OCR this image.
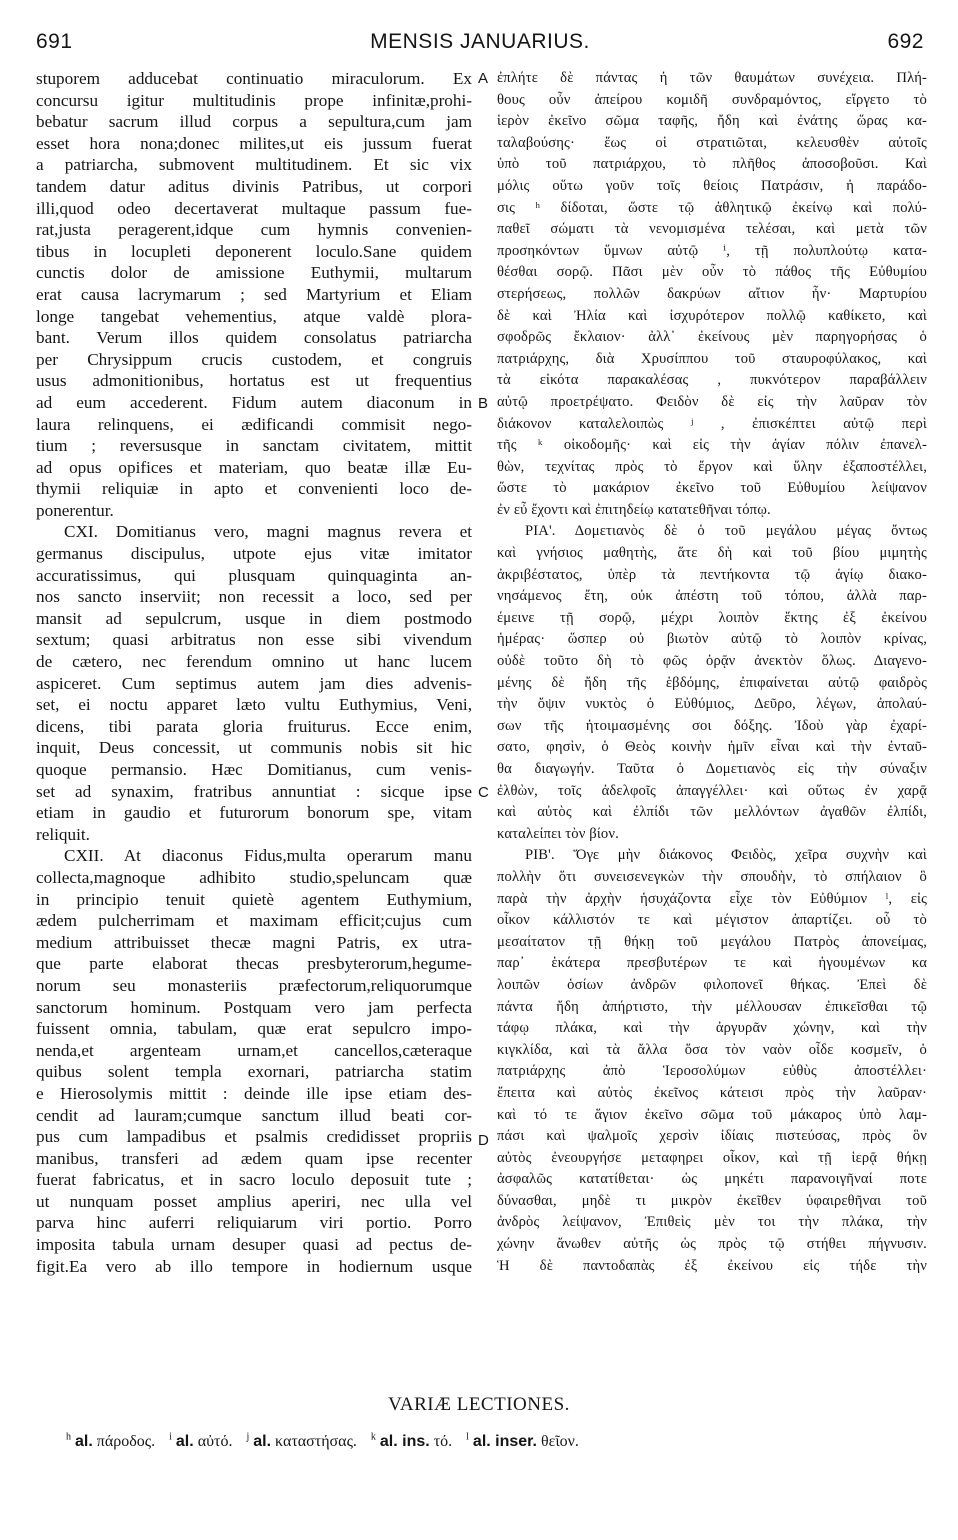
691	MENSIS JANUARIUS.	692
stuporem adducebat continuatio miraculorum. Ex
concursu igitur multitudinis prope infinitæ,prohi-
bebatur sacrum illud corpus a sepultura,cum jam
esset hora nona;donec milites,ut eis jussum fuerat
a patriarcha, submovent multitudinem. Et sic vix
tandem datur aditus divinis Patribus, ut corpori
illi,quod odeo decertaverat multaque passum fue-
rat,justa peragerent,idque cum hymnis convenien-
tibus in locupleti deponerent loculo.Sane quidem
cunctis dolor de amissione Euthymii, multarum
erat causa lacrymarum ; sed Martyrium et Eliam
longe tangebat vehementius, atque valdè plora-
bant. Verum illos quidem consolatus patriarcha
per Chrysippum crucis custodem, et congruis
usus admonitionibus, hortatus est ut frequentius
ad eum accederent. Fidum autem diaconum in
laura relinquens, ei ædificandi commisit nego-
tium ; reversusque in sanctam civitatem, mittit
ad opus opifices et materiam, quo beatæ illæ Eu-
thymii reliquiæ in apto et convenienti loco de-
ponerentur.
CXI. Domitianus vero, magni magnus revera et
germanus discipulus, utpote ejus vitæ imitator
accuratissimus, qui plusquam quinquaginta an-
nos sancto inserviit; non recessit a loco, sed per
mansit ad sepulcrum, usque in diem postmodo
sextum; quasi arbitratus non esse sibi vivendum
de cætero, nec ferendum omnino ut hanc lucem
aspiceret. Cum septimus autem jam dies advenis-
set, ei noctu apparet læto vultu Euthymius, Veni,
dicens, tibi parata gloria fruiturus. Ecce enim,
inquit, Deus concessit, ut communis nobis sit hic
quoque permansio. Hæc Domitianus, cum venis-
set ad synaxim, fratribus annuntiat : sicque ipse
etiam in gaudio et futurorum bonorum spe, vitam
reliquit.
CXII. At diaconus Fidus,multa operarum manu
collecta,magnoque adhibito studio,speluncam quæ
in principio tenuit quietè agentem Euthymium,
ædem pulcherrimam et maximam efficit;cujus cum
medium attribuisset thecæ magni Patris, ex utra-
que parte elaborat thecas presbyterorum,hegume-
norum seu monasteriis præfectorum,reliquorumque
sanctorum hominum. Postquam vero jam perfecta
fuissent omnia, tabulam, quæ erat sepulcro impo-
nenda,et argenteam urnam,et cancellos,cæteraque
quibus solent templa exornari, patriarcha statim
e Hierosolymis mittit : deinde ille ipse etiam des-
cendit ad lauram;cumque sanctum illud beati cor-
pus cum lampadibus et psalmis credidisset propriis
manibus, transferi ad ædem quam ipse recenter
fuerat fabricatus, et in sacro loculo deposuit tute ;
ut nunquam posset amplius aperiri, nec ulla vel
parva hinc auferri reliquiarum viri portio. Porro
imposita tabula urnam desuper quasi ad pectus de-
figit.Ea vero ab illo tempore in hodiernum usque
ἐπλήτε δὲ πάντας ἡ τῶν θαυμάτων συνέχεια. Πλή-
θους οὖν ἀπείρου κομιδῆ συνδραμόντος, εἴργετο τὸ
ἱερὸν ἐκεῖνο σῶμα ταφῆς, ἤδη καὶ ἐνάτης ὥρας κα-
ταλαβούσης· ἕως οἱ στρατιῶται, κελευσθὲν αὐτοῖς
ὑπὸ τοῦ πατριάρχου, τὸ πλῆθος ἀποσοβοῦσι. Καὶ
μόλις οὕτω γοῦν τοῖς θείοις Πατράσιν, ἡ παράδο-
σις ʰ δίδοται, ὥστε τῷ ἀθλητικῷ ἐκείνῳ καὶ πολύ-
παθεῖ σώματι τὰ νενομισμένα τελέσαι, καὶ μετὰ τῶν
προσηκόντων ὕμνων αὐτῷ ⁱ, τῇ πολυπλούτῳ κατα-
θέσθαι σορῷ. Πᾶσι μὲν οὖν τὸ πάθος τῆς Εὐθυμίου
στερήσεως, πολλῶν δακρύων αἴτιον ἦν· Μαρτυρίου
δὲ καὶ Ἠλία καὶ ἰσχυρότερον πολλῷ καθίκετο, καὶ
σφοδρῶς ἔκλαιον· ἀλλ᾽ ἐκείνους μὲν παρηγορήσας ὁ
πατριάρχης, διὰ Χρυσίππου τοῦ σταυροφύλακος, καὶ
τὰ εἰκότα παρακαλέσας , πυκνότερον παραβάλλειν
αὐτῷ προετρέψατο. Φειδὸν δὲ εἰς τὴν λαῦραν τὸν
διάκονον καταλελοιπὼς ʲ , ἐπισκέπτει αὐτῷ περὶ
τῆς ᵏ οἰκοδομῆς· καὶ εἰς τὴν ἁγίαν πόλιν ἐπανελ-
θὼν, τεχνίτας πρὸς τὸ ἔργον καὶ ὕλην ἐξαποστέλλει,
ὥστε τὸ μακάριον ἐκεῖνο τοῦ Εὐθυμίου λείψανον
ἐν εὖ ἔχοντι καὶ ἐπιτηδείῳ κατατεθῆναι τόπῳ.
ΡΙΑ'. Δομετιανὸς δὲ ὁ τοῦ μεγάλου μέγας ὄντως
καὶ γνήσιος μαθητὴς, ἅτε δὴ καὶ τοῦ βίου μιμητὴς
ἀκριβέστατος, ὑπὲρ τὰ πεντήκοντα τῷ ἁγίῳ διακο-
νησάμενος ἔτη, οὐκ ἀπέστη τοῦ τόπου, ἀλλὰ παρ-
έμεινε τῇ σορῷ, μέχρι λοιπὸν ἕκτης ἐξ ἐκείνου
ἡμέρας· ὥσπερ οὐ βιωτὸν αὐτῷ τὸ λοιπὸν κρίνας,
οὐδὲ τοῦτο δὴ τὸ φῶς ὁρᾷν ἀνεκτὸν ὅλως. Διαγενο-
μένης δὲ ἤδη τῆς ἑβδόμης, ἐπιφαίνεται αὐτῷ φαιδρὸς
τὴν ὄψιν νυκτὸς ὁ Εὐθύμιος, Δεῦρο, λέγων, ἀπολαύ-
σων τῆς ἡτοιμασμένης σοι δόξης. Ἰδοὺ γὰρ ἐχαρί-
σατο, φησὶν, ὁ Θεὸς κοινὴν ἡμῖν εἶναι καὶ τὴν ἐνταῦ-
θα διαγωγήν. Ταῦτα ὁ Δομετιανὸς εἰς τὴν σύναξιν
ἐλθὼν, τοῖς ἀδελφοῖς ἀπαγγέλλει· καὶ οὕτως ἐν χαρᾷ
καὶ αὐτὸς καὶ ἐλπίδι τῶν μελλόντων ἀγαθῶν ἐλπίδι,
καταλείπει τὸν βίον.
ΡΙΒ'. Ὅγε μὴν διάκονος Φειδὸς, χεῖρα συχνὴν καὶ
πολλὴν ὅτι συνεισενεγκὼν τὴν σπουδὴν, τὸ σπήλαιον ὃ
παρὰ τὴν ἀρχὴν ἡσυχάζοντα εἶχε τὸν Εὐθύμιον ˡ, εἰς
οἶκον κάλλιστόν τε καὶ μέγιστον ἀπαρτίζει. οὗ τὸ
μεσαίτατον τῇ θήκῃ τοῦ μεγάλου Πατρὸς ἀπονείμας,
παρ᾽ ἑκάτερα πρεσβυτέρων τε καὶ ἡγουμένων κα
λοιπῶν ὁσίων ἀνδρῶν φιλοπονεῖ θήκας. Ἐπεὶ δὲ
πάντα ἤδη ἀπήρτιστο, τὴν μέλλουσαν ἐπικεῖσθαι τῷ
τάφῳ πλάκα, καὶ τὴν ἀργυρᾶν χώνην, καὶ τὴν
κιγκλίδα, καὶ τὰ ἄλλα ὅσα τὸν ναὸν οἶδε κοσμεῖν, ὁ
πατριάρχης ἀπὸ Ἱεροσολύμων εὐθὺς ἀποστέλλει·
ἔπειτα καὶ αὐτὸς ἐκεῖνος κάτεισι πρὸς τὴν λαῦραν·
καὶ τό τε ἅγιον ἐκεῖνο σῶμα τοῦ μάκαρος ὑπὸ λαμ-
πάσι καὶ ψαλμοῖς χερσὶν ἰδίαις πιστεύσας, πρὸς ὃν
αὐτὸς ἐνεουργήσε μεταφηρει οἶκον, καὶ τῇ ἱερᾷ θήκῃ
ἀσφαλῶς κατατίθεται· ὡς μηκέτι παρανοιγῆναί ποτε
δύνασθαι, μηδὲ τι μικρὸν ἐκεῖθεν ὑφαιρεθῆναι τοῦ
ἀνδρὸς λείψανον, Ἐπιθεὶς μὲν τοι τὴν πλάκα, τὴν
χώνην ἄνωθεν αὐτῆς ὡς πρὸς τῷ στήθει πήγνυσιν.
Ἡ δὲ παντοδαπὰς ἐξ ἐκείνου εἰς τήδε τὴν
A
B
C
D
VARIÆ LECTIONES.
$^h$ al. πάροδος. $^i$ al. αὐτό. $^j$ al. καταστήσας. $^k$ al. ins. τό. $^l$ al. inser. θεῖον.
